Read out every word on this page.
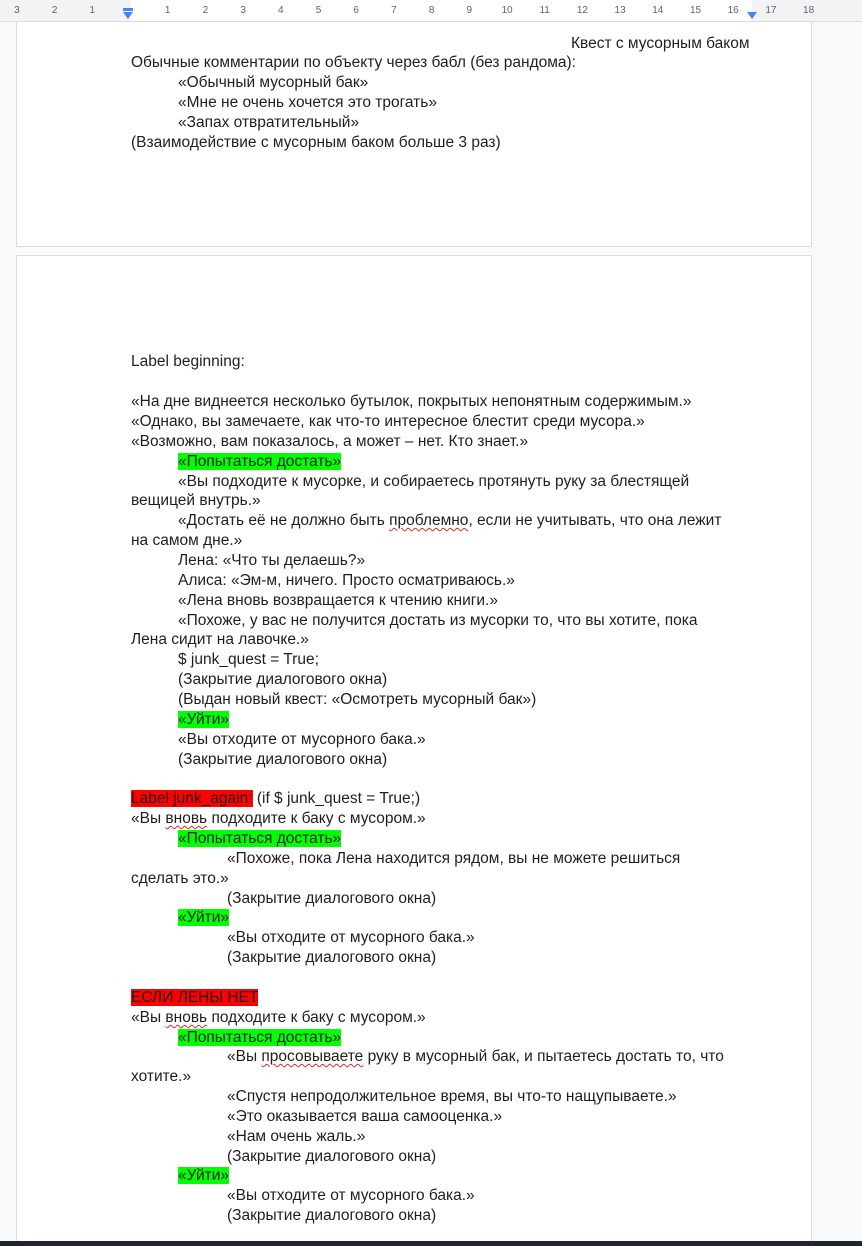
3	2	1	1	2	3	4	5	6	7	8	9	10	11	12	13	14	15	16	17	18
Квест с мусорным баком
Обычные комментарии по объекту через бабл (без рандома):
«Обычный мусорный бак»
«Мне не очень хочется это трогать»
«Запах отвратительный»
(Взаимодействие с мусорным баком больше 3 раз)
Label beginning:
«На дне виднеется несколько бутылок, покрытых непонятным содержимым.»
«Однако, вы замечаете, как что-то интересное блестит среди мусора.»
«Возможно, вам показалось, а может – нет. Кто знает.»
«Попытаться достать»
«Вы подходите к мусорке, и собираетесь протянуть руку за блестящей
вещицей внутрь.»
«Достать её не должно быть проблемно, если не учитывать, что она лежит
на самом дне.»
Лена: «Что ты делаешь?»
Алиса: «Эм-м, ничего. Просто осматриваюсь.»
«Лена вновь возвращается к чтению книги.»
«Похоже, у вас не получится достать из мусорки то, что вы хотите, пока
Лена сидит на лавочке.»
$ junk_quest = True;
(Закрытие диалогового окна)
(Выдан новый квест: «Осмотреть мусорный бак»)
«Уйти»
«Вы отходите от мусорного бака.»
(Закрытие диалогового окна)
Label junk_again: (if $ junk_quest = True;)
«Вы вновь подходите к баку с мусором.»
«Попытаться достать»
«Похоже, пока Лена находится рядом, вы не можете решиться
сделать это.»
(Закрытие диалогового окна)
«Уйти»
«Вы отходите от мусорного бака.»
(Закрытие диалогового окна)
ЕСЛИ ЛЕНЫ НЕТ
«Вы вновь подходите к баку с мусором.»
«Попытаться достать»
«Вы просовываете руку в мусорный бак, и пытаетесь достать то, что
хотите.»
«Спустя непродолжительное время, вы что-то нащупываете.»
«Это оказывается ваша самооценка.»
«Нам очень жаль.»
(Закрытие диалогового окна)
«Уйти»
«Вы отходите от мусорного бака.»
(Закрытие диалогового окна)
